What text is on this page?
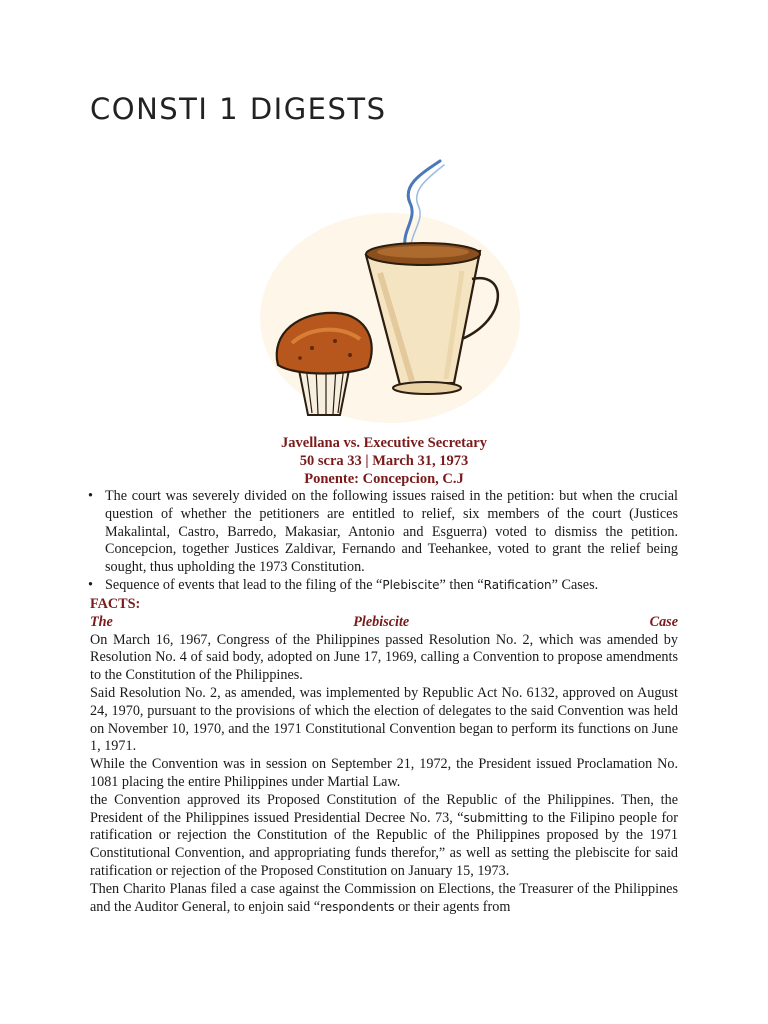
CONSTI 1 DIGESTS
Javellana vs. Executive Secretary
50 scra 33 | March 31, 1973
Ponente: Concepcion, C.J
• The court was severely divided on the following issues raised in the petition: but when the crucial question of whether the petitioners are entitled to relief, six members of the court (Justices Makalintal, Castro, Barredo, Makasiar, Antonio and Esguerra) voted to dismiss the petition. Concepcion, together Justices Zaldivar, Fernando and Teehankee, voted to grant the relief being sought, thus upholding the 1973 Constitution.
• Sequence of events that lead to the filing of the “Plebiscite” then “Ratification” Cases.
FACTS:
The	Plebiscite	Case

On March 16, 1967, Congress of the Philippines passed Resolution No. 2, which was amended by Resolution No. 4 of said body, adopted on June 17, 1969, calling a Convention to propose amendments to the Constitution of the Philippines.

Said Resolution No. 2, as amended, was implemented by Republic Act No. 6132, approved on August 24, 1970, pursuant to the provisions of which the election of delegates to the said Convention was held on November 10, 1970, and the 1971 Constitutional Convention began to perform its functions on June 1, 1971.

While the Convention was in session on September 21, 1972, the President issued Proclamation No. 1081 placing the entire Philippines under Martial Law.

the Convention approved its Proposed Constitution of the Republic of the Philippines. Then, the President of the Philippines issued Presidential Decree No. 73, “submitting to the Filipino people for ratification or rejection the Constitution of the Republic of the Philippines proposed by the 1971 Constitutional Convention, and appropriating funds therefor,” as well as setting the plebiscite for said ratification or rejection of the Proposed Constitution on January 15, 1973.

Then Charito Planas filed a case against the Commission on Elections, the Treasurer of the Philippines and the Auditor General, to enjoin said “respondents or their agents from
